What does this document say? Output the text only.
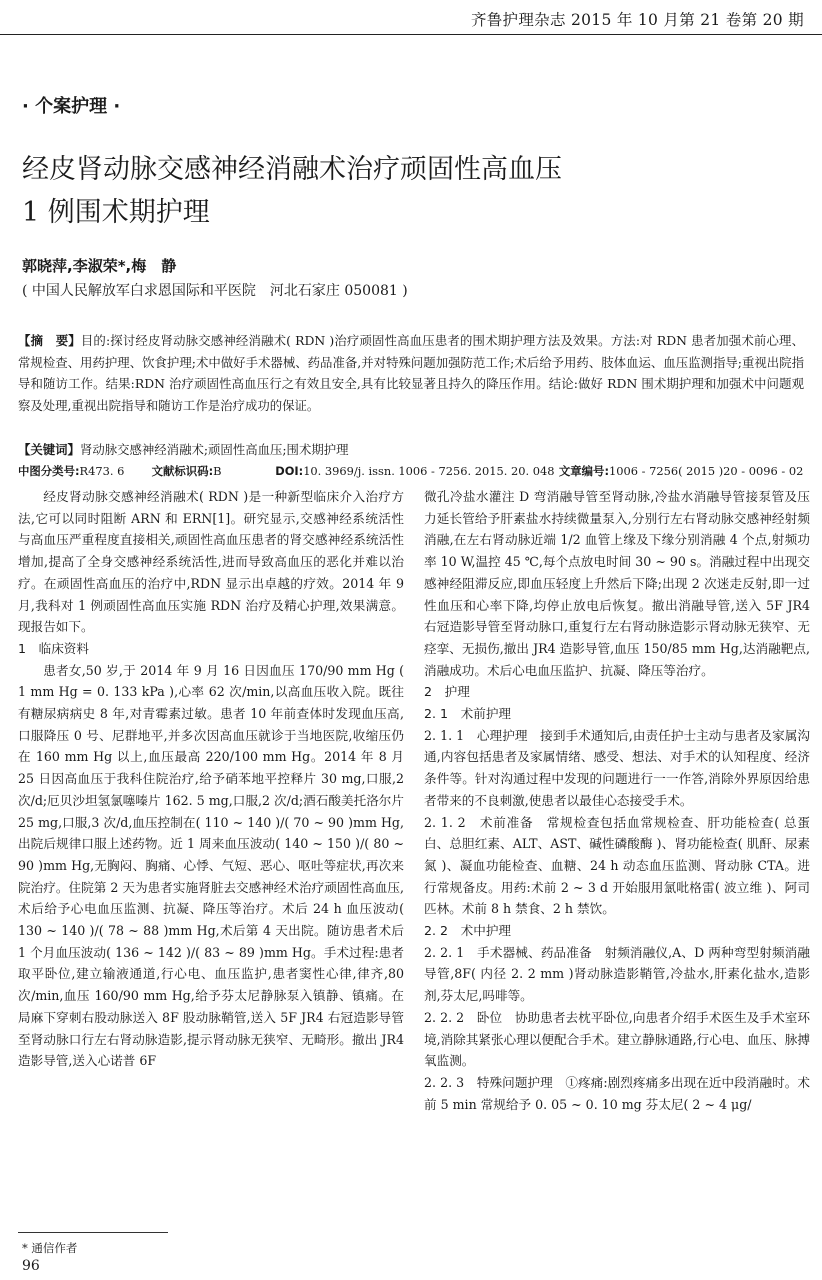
齐鲁护理杂志 2015 年 10 月第 21 卷第 20 期
· 个案护理 ·
经皮肾动脉交感神经消融术治疗顽固性高血压
1 例围术期护理
郭晓萍,李淑荣*,梅　静
( 中国人民解放军白求恩国际和平医院　河北石家庄 050081 )
【摘　要】目的:探讨经皮肾动脉交感神经消融术( RDN )治疗顽固性高血压患者的围术期护理方法及效果。方法:对 RDN 患者加强术前心理、常规检查、用药护理、饮食护理;术中做好手术器械、药品准备,并对特殊问题加强防范工作;术后给予用药、肢体血运、血压监测指导;重视出院指导和随访工作。结果:RDN 治疗顽固性高血压行之有效且安全,具有比较显著且持久的降压作用。结论:做好 RDN 围术期护理和加强术中问题观察及处理,重视出院指导和随访工作是治疗成功的保证。
【关键词】肾动脉交感神经消融术;顽固性高血压;围术期护理
中图分类号:R473. 6 文献标识码:B	DOI:10. 3969/j. issn. 1006 - 7256. 2015. 20. 048 文章编号:1006 - 7256( 2015 )20 - 0096 - 02

经皮肾动脉交感神经消融术( RDN )是一种新型临床介入治疗方法,它可以同时阻断 ARN 和 ERN[1]。研究显示,交感神经系统活性与高血压严重程度直接相关,顽固性高血压患者的肾交感神经系统活性增加,提高了全身交感神经系统活性,进而导致高血压的恶化并难以治疗。在顽固性高血压的治疗中,RDN 显示出卓越的疗效。2014 年 9 月,我科对 1 例顽固性高血压实施 RDN 治疗及精心护理,效果满意。现报告如下。

1　临床资料

患者女,50 岁,于 2014 年 9 月 16 日因血压 170/90 mm Hg ( 1 mm Hg = 0. 133 kPa ),心率 62 次/min,以高血压收入院。既往有糖尿病病史 8 年,对青霉素过敏。患者 10 年前查体时发现血压高,口服降压 0 号、尼群地平,并多次因高血压就诊于当地医院,收缩压仍在 160 mm Hg 以上,血压最高 220/100 mm Hg。2014 年 8 月 25 日因高血压于我科住院治疗,给予硝苯地平控释片 30 mg,口服,2 次/d;厄贝沙坦氢氯噻嗪片 162. 5 mg,口服,2 次/d;酒石酸美托洛尔片 25 mg,口服,3 次/d,血压控制在( 110 ~ 140 )/( 70 ~ 90 )mm Hg,出院后规律口服上述药物。近 1 周来血压波动( 140 ~ 150 )/( 80 ~ 90 )mm Hg,无胸闷、胸痛、心悸、气短、恶心、呕吐等症状,再次来院治疗。住院第 2 天为患者实施肾脏去交感神经术治疗顽固性高血压,术后给予心电血压监测、抗凝、降压等治疗。术后 24 h 血压波动( 130 ~ 140 )/( 78 ~ 88 )mm Hg,术后第 4 天出院。随访患者术后 1 个月血压波动( 136 ~ 142 )/( 83 ~ 89 )mm Hg。手术过程:患者取平卧位,建立输液通道,行心电、血压监护,患者窦性心律,律齐,80 次/min,血压 160/90 mm Hg,给予芬太尼静脉泵入镇静、镇痛。在局麻下穿刺右股动脉送入 8F 股动脉鞘管,送入 5F JR4 右冠造影导管至肾动脉口行左右肾动脉造影,提示肾动脉无狭窄、无畸形。撤出 JR4 造影导管,送入心诺普 6F

微孔冷盐水灌注 D 弯消融导管至肾动脉,冷盐水消融导管接泵管及压力延长管给予肝素盐水持续微量泵入,分别行左右肾动脉交感神经射频消融,在左右肾动脉近端 1/2 血管上缘及下缘分别消融 4 个点,射频功率 10 W,温控 45 ℃,每个点放电时间 30 ~ 90 s。消融过程中出现交感神经阻滞反应,即血压轻度上升然后下降;出现 2 次迷走反射,即一过性血压和心率下降,均停止放电后恢复。撤出消融导管,送入 5F JR4 右冠造影导管至肾动脉口,重复行左右肾动脉造影示肾动脉无狭窄、无痉挛、无损伤,撤出 JR4 造影导管,血压 150/85 mm Hg,达消融靶点,消融成功。术后心电血压监护、抗凝、降压等治疗。

2　护理

2. 1　术前护理

2. 1. 1　心理护理　接到手术通知后,由责任护士主动与患者及家属沟通,内容包括患者及家属情绪、感受、想法、对手术的认知程度、经济条件等。针对沟通过程中发现的问题进行一一作答,消除外界原因给患者带来的不良刺激,使患者以最佳心态接受手术。

2. 1. 2　术前准备　常规检查包括血常规检查、肝功能检查( 总蛋白、总胆红素、ALT、AST、碱性磷酸酶 )、肾功能检查( 肌酐、尿素氮 )、凝血功能检查、血糖、24 h 动态血压监测、肾动脉 CTA。进行常规备皮。用药:术前 2 ~ 3 d 开始服用氯吡格雷( 波立维 )、阿司匹林。术前 8 h 禁食、2 h 禁饮。

2. 2　术中护理

2. 2. 1　手术器械、药品准备　射频消融仪,A、D 两种弯型射频消融导管,8F( 内径 2. 2 mm )肾动脉造影鞘管,冷盐水,肝素化盐水,造影剂,芬太尼,吗啡等。

2. 2. 2　卧位　协助患者去枕平卧位,向患者介绍手术医生及手术室环境,消除其紧张心理以便配合手术。建立静脉通路,行心电、血压、脉搏氧监测。

2. 2. 3　特殊问题护理　①疼痛:剧烈疼痛多出现在近中段消融时。术前 5 min 常规给予 0. 05 ~ 0. 10 mg 芬太尼( 2 ~ 4 μg/

* 通信作者
96
